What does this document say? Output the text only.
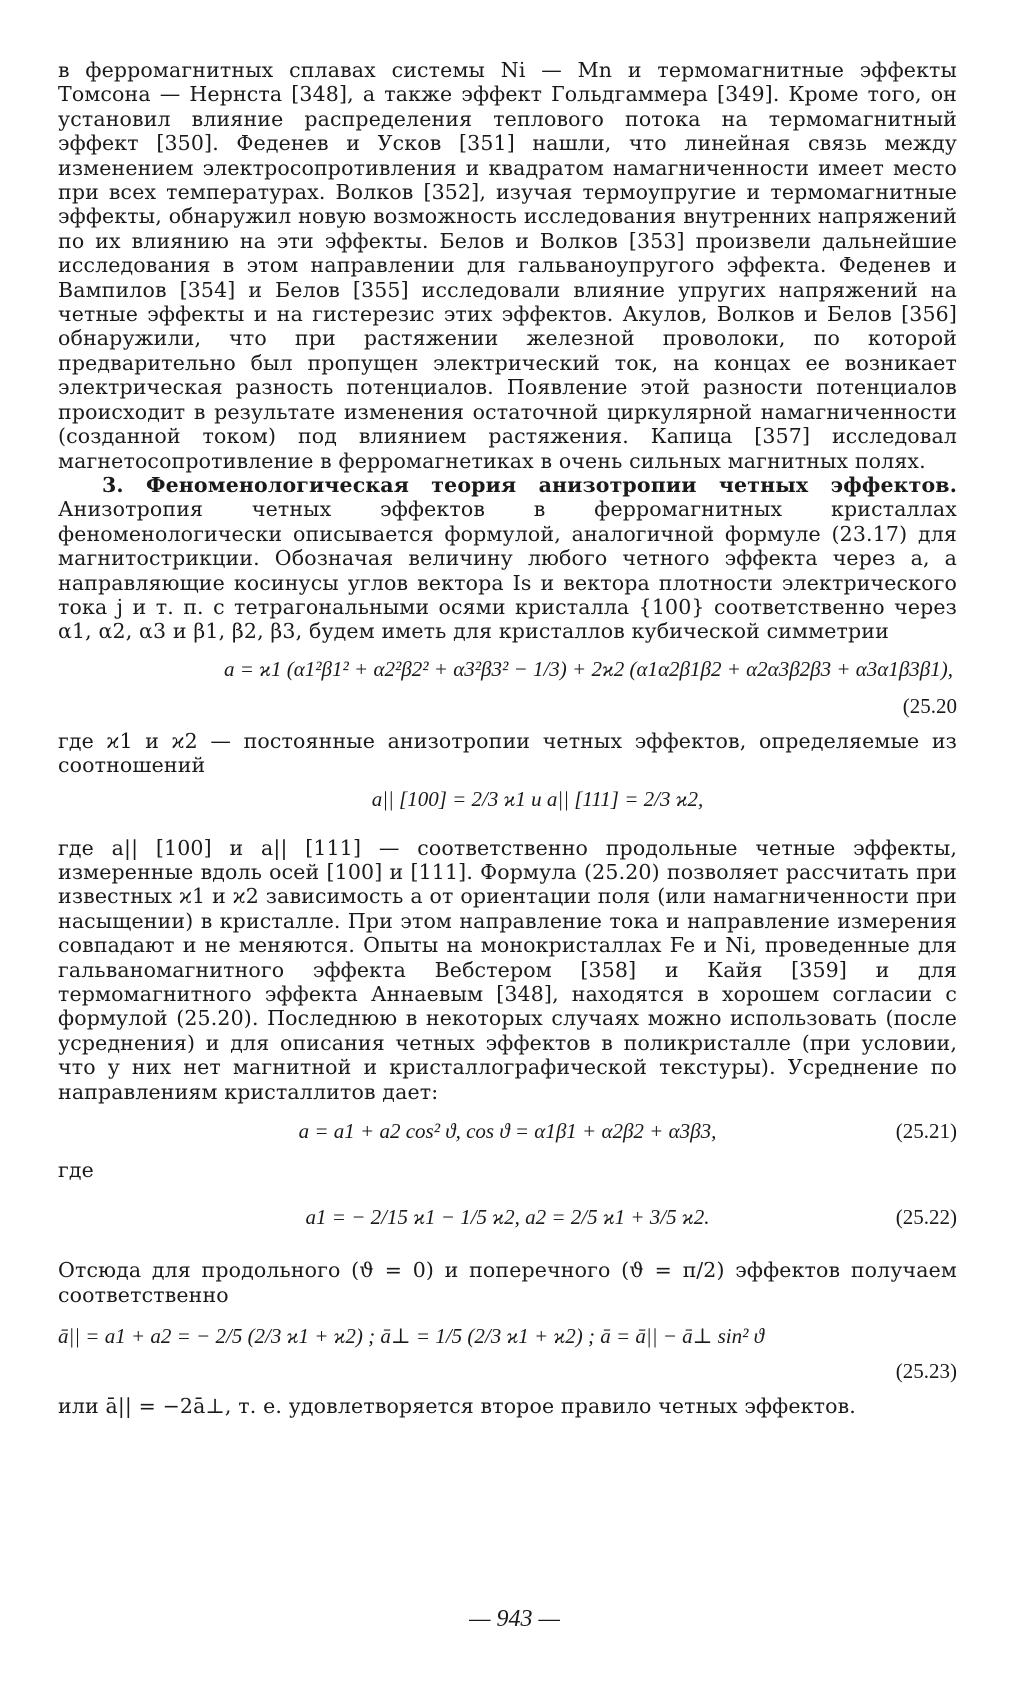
в ферромагнитных сплавах системы Ni — Mn и термомагнитные эффекты Томсона — Нернста [348], а также эффект Гольдгаммера [349]. Кроме того, он установил влияние распределения теплового потока на термомагнитный эффект [350]. Феденев и Усков [351] нашли, что линейная связь между изменением электросопротивления и квадратом намагниченности имеет место при всех температурах. Волков [352], изучая термоупругие и термомагнитные эффекты, обнаружил новую возможность исследования внутренних напряжений по их влиянию на эти эффекты. Белов и Волков [353] произвели дальнейшие исследования в этом направлении для гальваноупругого эффекта. Феденев и Вампилов [354] и Белов [355] исследовали влияние упругих напряжений на четные эффекты и на гистерезис этих эффектов. Акулов, Волков и Белов [356] обнаружили, что при растяжении железной проволоки, по которой предварительно был пропущен электрический ток, на концах ее возникает электрическая разность потенциалов. Появление этой разности потенциалов происходит в результате изменения остаточной циркулярной намагниченности (созданной током) под влиянием растяжения. Капица [357] исследовал магнетосопротивление в ферромагнетиках в очень сильных магнитных полях.

3. Феноменологическая теория анизотропии четных эффектов. Анизотропия четных эффектов в ферромагнитных кристаллах феноменологически описывается формулой, аналогичной формуле (23.17) для магнитострикции. Обозначая величину любого четного эффекта через a, а направляющие косинусы углов вектора Is и вектора плотности электрического тока j и т. п. с тетрагональными осями кристалла {100} соответственно через α1, α2, α3 и β1, β2, β3, будем иметь для кристаллов кубической симметрии

a = ϰ1 (α1²β1² + α2²β2² + α3²β3² − 1/3) + 2ϰ2 (α1α2β1β2 + α2α3β2β3 + α3α1β3β1),

(25.20

где ϰ1 и ϰ2 — постоянные анизотропии четных эффектов, определяемые из соотношений

a|| [100] = 2/3 ϰ1 и a|| [111] = 2/3 ϰ2,

где a|| [100] и a|| [111] — соответственно продольные четные эффекты, измеренные вдоль осей [100] и [111]. Формула (25.20) позволяет рассчитать при известных ϰ1 и ϰ2 зависимость a от ориентации поля (или намагниченности при насыщении) в кристалле. При этом направление тока и направление измерения совпадают и не меняются. Опыты на монокристаллах Fe и Ni, проведенные для гальваномагнитного эффекта Вебстером [358] и Кайя [359] и для термомагнитного эффекта Аннаевым [348], находятся в хорошем согласии с формулой (25.20). Последнюю в некоторых случаях можно использовать (после усреднения) и для описания четных эффектов в поликристалле (при условии, что у них нет магнитной и кристаллографической текстуры). Усреднение по направлениям кристаллитов дает:

a = a1 + a2 cos² ϑ, cos ϑ = α1β1 + α2β2 + α3β3,	(25.21)

где

a1 = − 2/15 ϰ1 − 1/5 ϰ2, a2 = 2/5 ϰ1 + 3/5 ϰ2.	(25.22)

Отсюда для продольного (ϑ = 0) и поперечного (ϑ = π/2) эффектов получаем соответственно

ā|| = a1 + a2 = − 2/5 (2/3 ϰ1 + ϰ2) ; ā⊥ = 1/5 (2/3 ϰ1 + ϰ2) ; ā = ā|| − ā⊥ sin² ϑ

(25.23)

или ā|| = −2ā⊥, т. е. удовлетворяется второе правило четных эффектов.

— 943 —
